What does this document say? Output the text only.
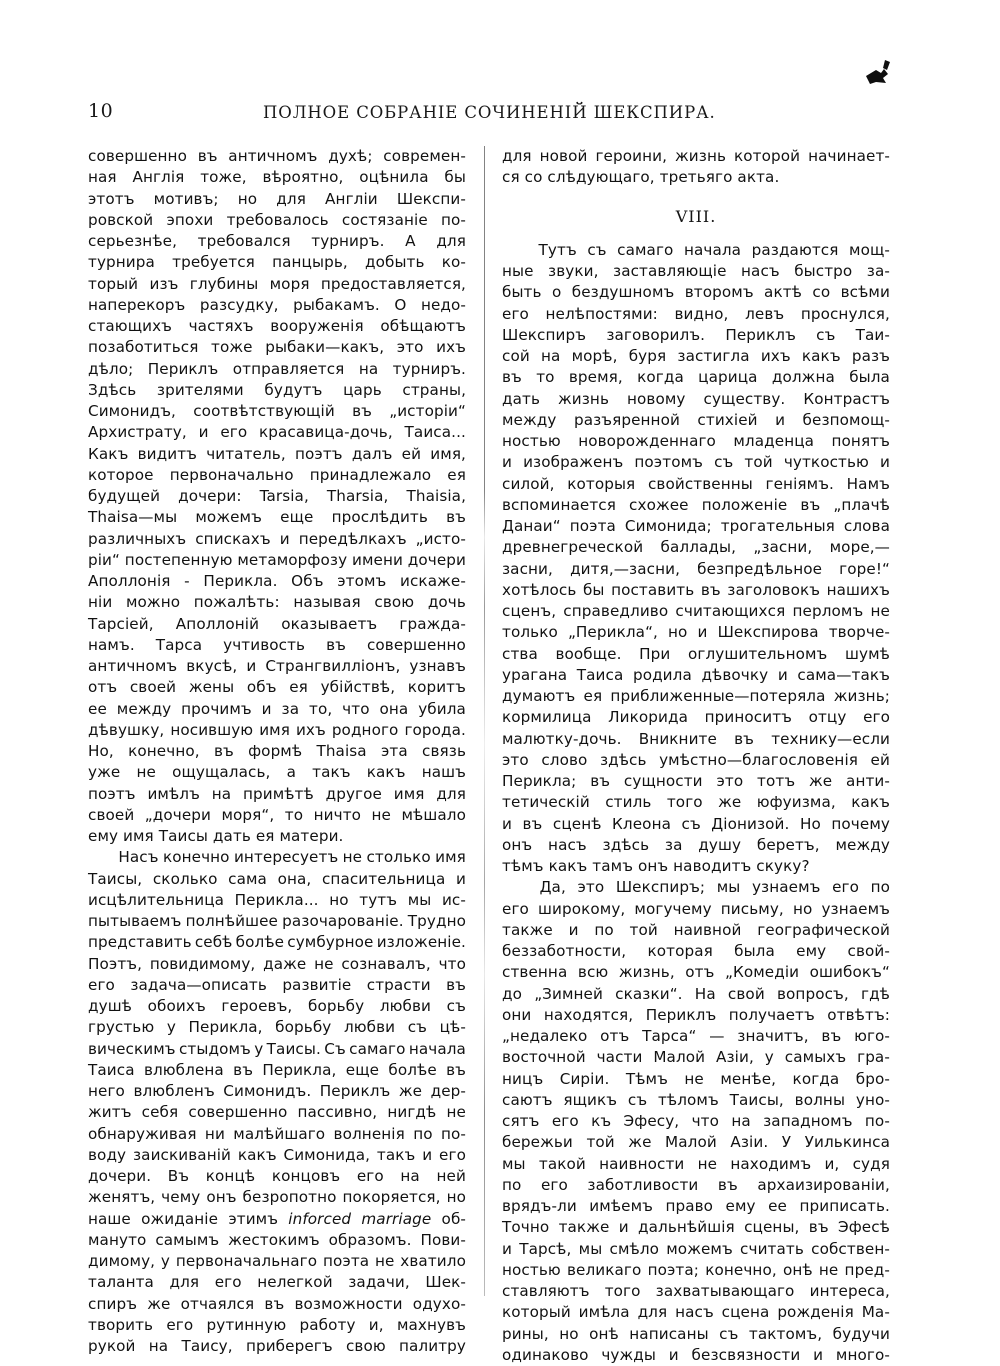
10	ПОЛНОЕ СОБРАНІЕ СОЧИНЕНІЙ ШЕКСПИРА.
совершенно въ античномъ духѣ; современ-
ная Англія тоже, вѣроятно, оцѣнила бы
этотъ мотивъ; но для Англіи Шекспи-
ровской эпохи требовалось состязаніе по-
серьезнѣе, требовался турниръ. А для
турнира требуется панцырь, добыть ко-
торый изъ глубины моря предоставляется,
наперекоръ разсудку, рыбакамъ. О недо-
стающихъ частяхъ вооруженія обѣщаютъ
позаботиться тоже рыбаки—какъ, это ихъ
дѣло; Периклъ отправляется на турниръ.
Здѣсь зрителями будутъ царь страны,
Симонидъ, соотвѣтствующій въ „исторіи“
Архистрату, и его красавица-дочь, Таиса...
Какъ видитъ читатель, поэтъ далъ ей имя,
которое первоначально принадлежало ея
будущей дочери: Tarsia, Tharsia, Thaisia,
Thaisa—мы можемъ еще прослѣдить въ
различныхъ спискахъ и передѣлкахъ „исто-
ріи“ постепенную метаморфозу имени дочери
Аполлонія - Перикла. Объ этомъ искаже-
ніи можно пожалѣть: называя свою дочь
Тарсіей, Аполлоній оказываетъ гражда-
намъ. Тарса учтивость въ совершенно
античномъ вкусѣ, и Странгвилліонъ, узнавъ
отъ своей жены объ ея убійствѣ, коритъ
ее между прочимъ и за то, что она убила
дѣвушку, носившую имя ихъ родного города.
Но, конечно, въ формѣ Thaisa эта связь
уже не ощущалась, а такъ какъ нашъ
поэтъ имѣлъ на примѣтѣ другое имя для
своей „дочери моря“, то ничто не мѣшало
ему имя Таисы дать ея матери.
Насъ конечно интересуетъ не столько имя
Таисы, сколько сама она, спасительница и
исцѣлительница Перикла... но тутъ мы ис-
пытываемъ полнѣйшее разочарованіе. Трудно
представить себѣ болѣе сумбурное изложеніе.
Поэтъ, повидимому, даже не сознавалъ, что
его задача—описать развитіе страсти въ
душѣ обоихъ героевъ, борьбу любви съ
грустью у Перикла, борьбу любви съ цѣ-
вическимъ стыдомъ у Таисы. Съ самаго начала
Таиса влюблена въ Перикла, еще болѣе въ
него влюбленъ Симонидъ. Периклъ же дер-
житъ себя совершенно пассивно, нигдѣ не
обнаруживая ни малѣйшаго волненія по по-
воду заискиваній какъ Симонида, такъ и его
дочери. Въ концѣ концовъ его на ней
женятъ, чему онъ безропотно покоряется, но
наше ожиданіе этимъ inforced marriage об-
мануто самымъ жестокимъ образомъ. Пови-
димому, у первоначальнаго поэта не хватило
таланта для его нелегкой задачи, Шек-
спиръ же отчаялся въ возможности одухо-
творить его рутинную работу и, махнувъ
рукой на Таису, приберегъ свою палитру
для новой героини, жизнь которой начинает-
ся со слѣдующаго, третьяго акта.
VIII.
Тутъ съ самаго начала раздаются мощ-
ные звуки, заставляющіе насъ быстро за-
быть о бездушномъ второмъ актѣ со всѣми
его нелѣпостями: видно, левъ проснулся,
Шекспиръ заговорилъ. Периклъ съ Таи-
сой на морѣ, буря застигла ихъ какъ разъ
въ то время, когда царица должна была
дать жизнь новому существу. Контрастъ
между разъяренной стихіей и безпомощ-
ностью новорожденнаго младенца понятъ
и изображенъ поэтомъ съ той чуткостью и
силой, которыя свойственны геніямъ. Намъ
вспоминается схожее положеніе въ „плачѣ
Данаи“ поэта Симонида; трогательныя слова
древнегреческой баллады, „засни, море,—
засни, дитя,—засни, безпредѣльное горе!“
хотѣлось бы поставить въ заголовокъ нашихъ
сценъ, справедливо считающихся перломъ не
только „Перикла“, но и Шекспирова творче-
ства вообще. При оглушительномъ шумѣ
урагана Таиса родила дѣвочку и сама—такъ
думаютъ ея приближенные—потеряла жизнь;
кормилица Ликорида приноситъ отцу его
малютку-дочь. Вникните въ технику—если
это слово здѣсь умѣстно—благословенія ей
Перикла; въ сущности это тотъ же анти-
тетическій стиль того же юфуизма, какъ
и въ сценѣ Клеона съ Діонизой. Но почему
онъ насъ здѣсь за душу беретъ, между
тѣмъ какъ тамъ онъ наводитъ скуку?
Да, это Шекспиръ; мы узнаемъ его по
его широкому, могучему письму, но узнаемъ
также и по той наивной географической
беззаботности, которая была ему свой-
ственна всю жизнь, отъ „Комедіи ошибокъ“
до „Зимней сказки“. На свой вопросъ, гдѣ
они находятся, Периклъ получаетъ отвѣтъ:
„недалеко отъ Тарса“ — значитъ, въ юго-
восточной части Малой Азіи, у самыхъ гра-
ницъ Сиріи. Тѣмъ не менѣе, когда бро-
саютъ ящикъ съ тѣломъ Таисы, волны уно-
сятъ его къ Эфесу, что на западномъ по-
бережьи той же Малой Азіи. У Уилькинса
мы такой наивности не находимъ и, судя
по его заботливости въ архаизированіи,
врядъ-ли имѣемъ право ему ее приписать.
Точно также и дальнѣйшія сцены, въ Эфесѣ
и Тарсѣ, мы смѣло можемъ считать собствен-
ностью великаго поэта; конечно, онѣ не пред-
ставляютъ того захватывающаго интереса,
который имѣла для насъ сцена рожденія Ма-
рины, но онѣ написаны съ тактомъ, будучи
одинаково чужды и безсвязности и много-
